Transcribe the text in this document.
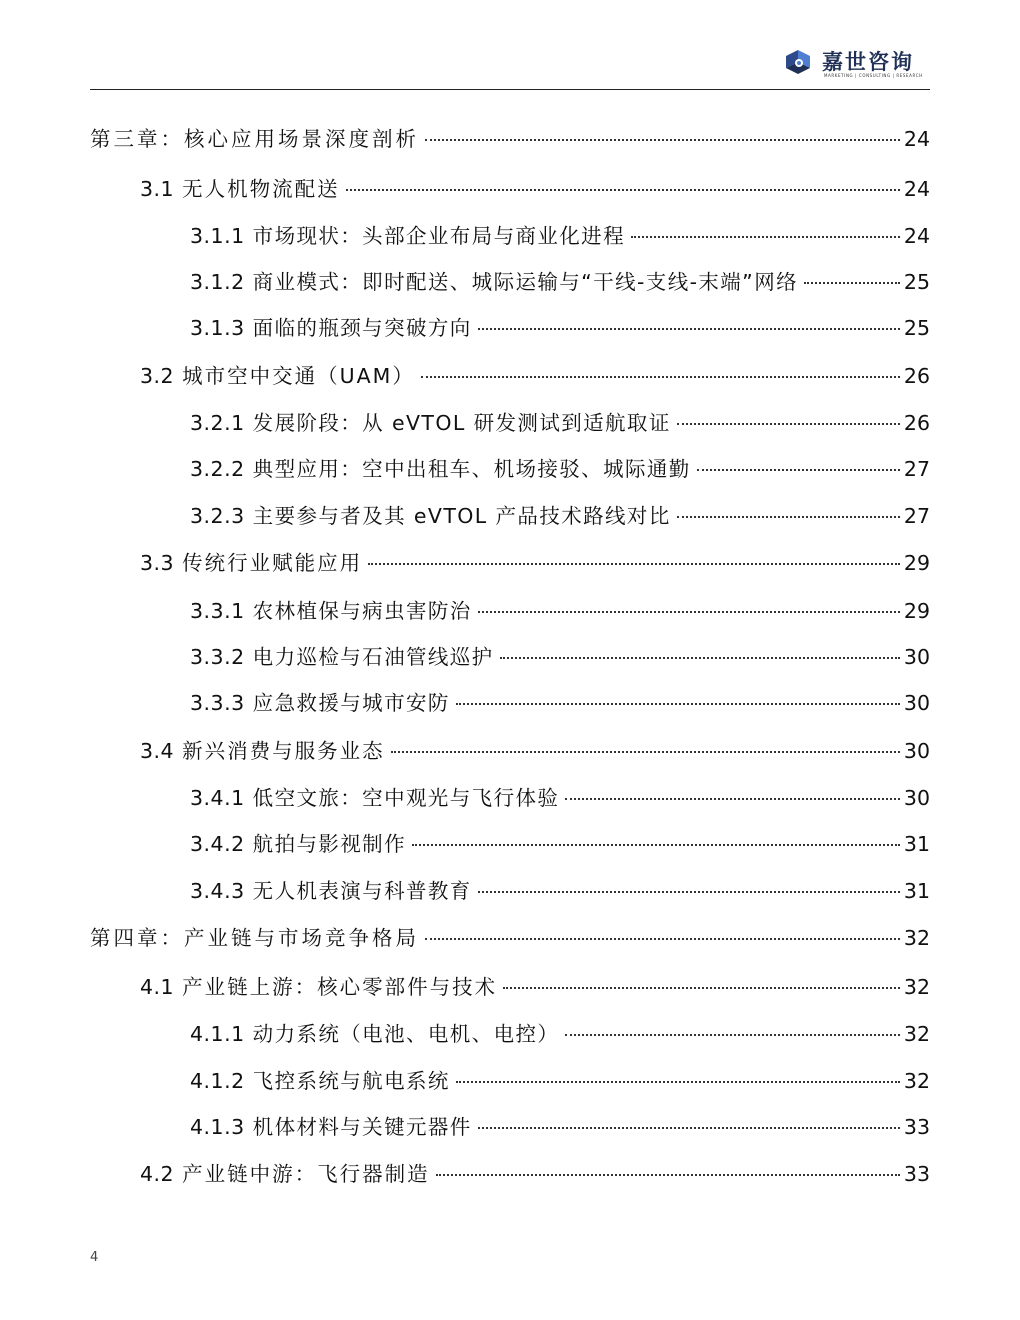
嘉世咨询
MARKETING | CONSULTING | RESEARCH
第三章：核心应用场景深度剖析	24
3.1 无人机物流配送	24
3.1.1 市场现状：头部企业布局与商业化进程	24
3.1.2 商业模式：即时配送、城际运输与“干线-支线-末端”网络	25
3.1.3 面临的瓶颈与突破方向	25
3.2 城市空中交通（UAM）	26
3.2.1 发展阶段：从 eVTOL 研发测试到适航取证	26
3.2.2 典型应用：空中出租车、机场接驳、城际通勤	27
3.2.3 主要参与者及其 eVTOL 产品技术路线对比	27
3.3 传统行业赋能应用	29
3.3.1 农林植保与病虫害防治	29
3.3.2 电力巡检与石油管线巡护	30
3.3.3 应急救援与城市安防	30
3.4 新兴消费与服务业态	30
3.4.1 低空文旅：空中观光与飞行体验	30
3.4.2 航拍与影视制作	31
3.4.3 无人机表演与科普教育	31
第四章：产业链与市场竞争格局	32
4.1 产业链上游：核心零部件与技术	32
4.1.1 动力系统（电池、电机、电控）	32
4.1.2 飞控系统与航电系统	32
4.1.3 机体材料与关键元器件	33
4.2 产业链中游：飞行器制造	33
4
